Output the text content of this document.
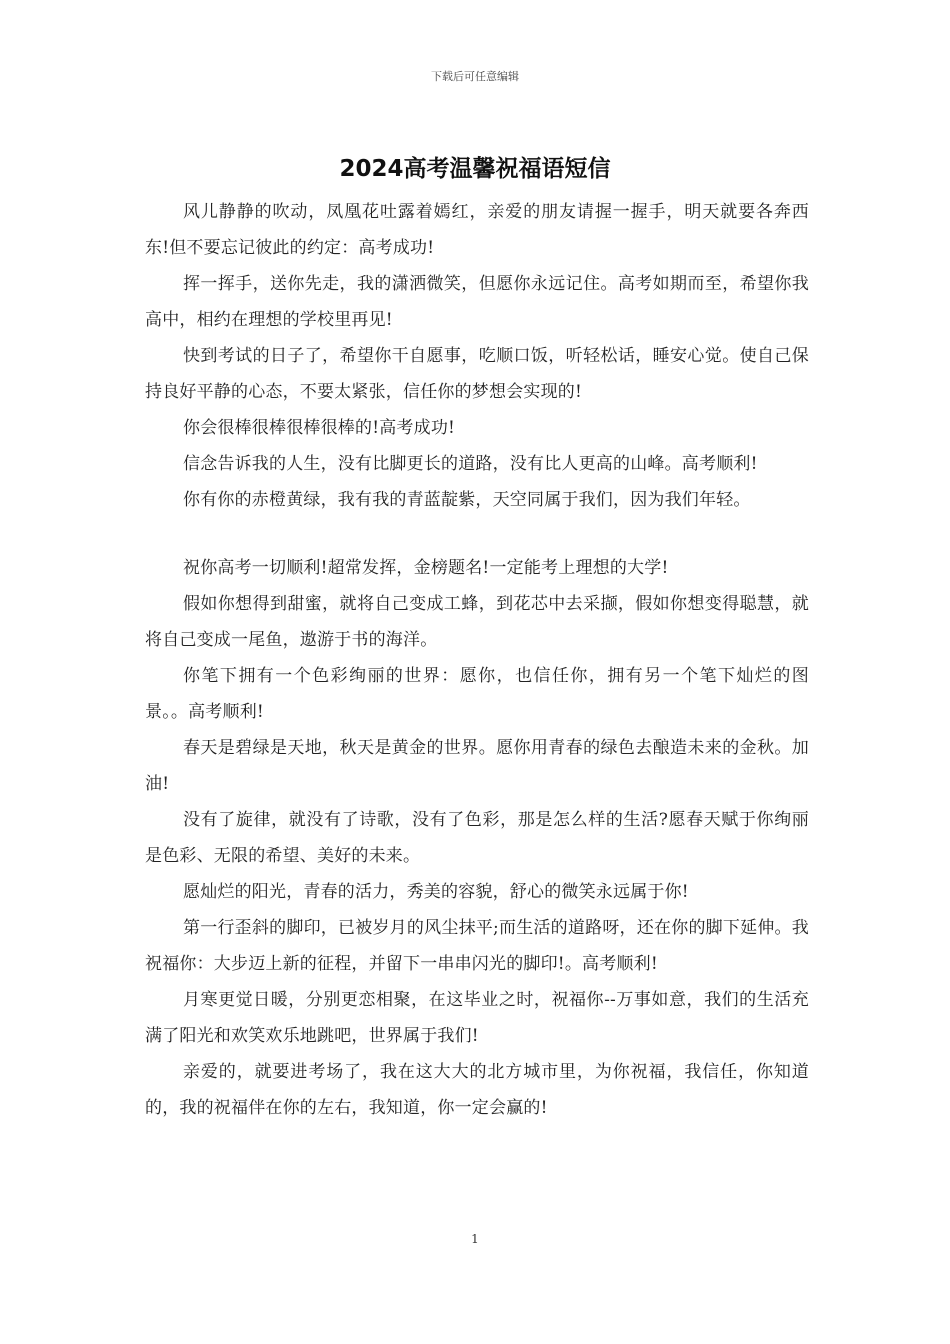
下载后可任意编辑
2024高考温馨祝福语短信

风儿静静的吹动，凤凰花吐露着嫣红，亲爱的朋友请握一握手，明天就要各奔西东!但不要忘记彼此的约定：高考成功!

挥一挥手，送你先走，我的潇洒微笑，但愿你永远记住。高考如期而至，希望你我高中，相约在理想的学校里再见!

快到考试的日子了，希望你干自愿事，吃顺口饭，听轻松话，睡安心觉。使自己保持良好平静的心态，不要太紧张，信任你的梦想会实现的!

你会很棒很棒很棒很棒的!高考成功!

信念告诉我的人生，没有比脚更长的道路，没有比人更高的山峰。高考顺利!

你有你的赤橙黄绿，我有我的青蓝靛紫，天空同属于我们，因为我们年轻。

祝你高考一切顺利!超常发挥，金榜题名!一定能考上理想的大学!

假如你想得到甜蜜，就将自己变成工蜂，到花芯中去采撷，假如你想变得聪慧，就将自己变成一尾鱼，遨游于书的海洋。

你笔下拥有一个色彩绚丽的世界：愿你，也信任你，拥有另一个笔下灿烂的图景。。高考顺利!

春天是碧绿是天地，秋天是黄金的世界。愿你用青春的绿色去酿造未来的金秋。加油!

没有了旋律，就没有了诗歌，没有了色彩，那是怎么样的生活?愿春天赋于你绚丽是色彩、无限的希望、美好的未来。

愿灿烂的阳光，青春的活力，秀美的容貌，舒心的微笑永远属于你!

第一行歪斜的脚印，已被岁月的风尘抹平;而生活的道路呀，还在你的脚下延伸。我祝福你：大步迈上新的征程，并留下一串串闪光的脚印!。高考顺利!

月寒更觉日暖，分别更恋相聚，在这毕业之时，祝福你--万事如意，我们的生活充满了阳光和欢笑欢乐地跳吧，世界属于我们!

亲爱的，就要进考场了，我在这大大的北方城市里，为你祝福，我信任，你知道的，我的祝福伴在你的左右，我知道，你一定会赢的!

1
